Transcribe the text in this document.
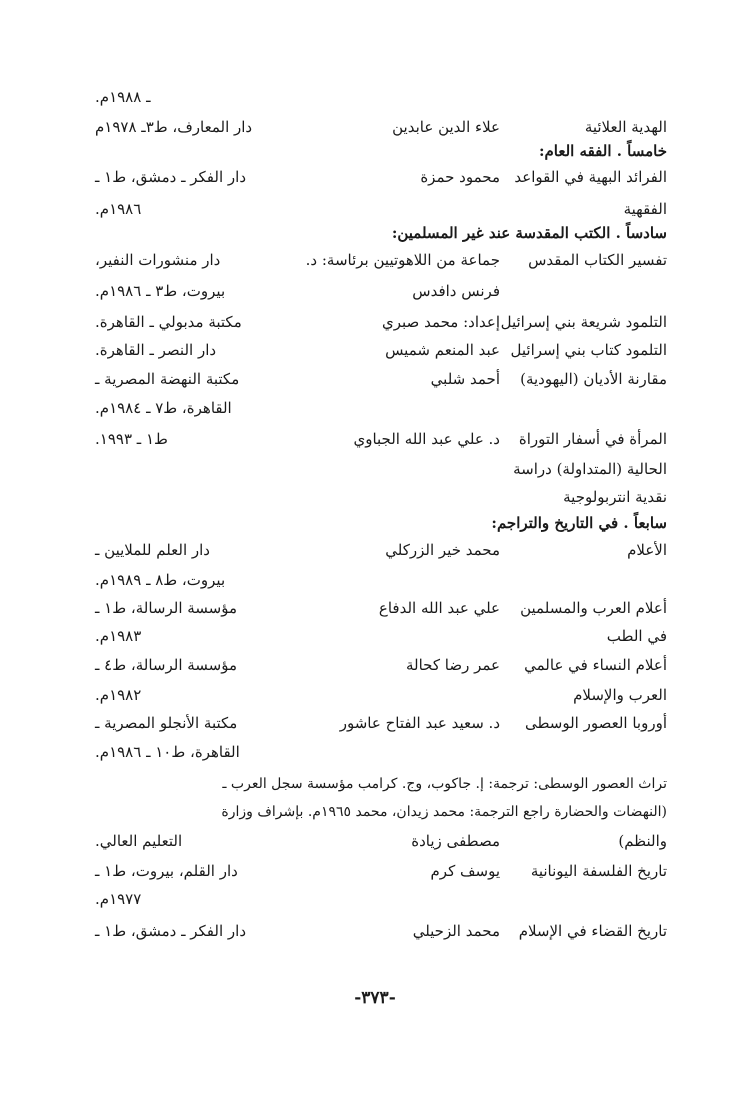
ـ ١٩٨٨م.
الهدية العلائية
علاء الدين عابدين
دار المعارف، ط٣ـ ١٩٧٨م
خامساً . الفقه العام:
الفرائد البهية في القواعد
محمود حمزة
دار الفكر ـ دمشق، ط١ ـ
الفقهية
١٩٨٦م.
سادساً . الكتب المقدسة عند غير المسلمين:
تفسير الكتاب المقدس
جماعة من اللاهوتيين برئاسة: د.
دار منشورات النفير،
فرنس دافدس
بيروت، ط٣ ـ ١٩٨٦م.
التلمود شريعة بني إسرائيل
إعداد: محمد صبري
مكتبة مدبولي ـ القاهرة.
التلمود كتاب بني إسرائيل
عبد المنعم شميس
دار النصر ـ القاهرة.
مقارنة الأديان (اليهودية)
أحمد شلبي
مكتبة النهضة المصرية ـ
القاهرة، ط٧ ـ ١٩٨٤م.
المرأة في أسفار التوراة
د. علي عبد الله الجباوي
ط١ ـ ١٩٩٣.
الحالية (المتداولة) دراسة
نقدية انتربولوجية
سابعاً . في التاريخ والتراجم:
الأعلام
محمد خير الزركلي
دار العلم للملايين ـ
بيروت، ط٨ ـ ١٩٨٩م.
أعلام العرب والمسلمين
علي عبد الله الدفاع
مؤسسة الرسالة، ط١ ـ
في الطب
١٩٨٣م.
أعلام النساء في عالمي
عمر رضا كحالة
مؤسسة الرسالة، ط٤ ـ
العرب والإسلام
١٩٨٢م.
أوروبا العصور الوسطى
د. سعيد عبد الفتاح عاشور
مكتبة الأنجلو المصرية ـ
القاهرة، ط١٠ ـ ١٩٨٦م.
تراث العصور الوسطى: ترجمة: إ. جاكوب، وج. كرامب مؤسسة سجل العرب ـ
(النهضات والحضارة راجع الترجمة: محمد زيدان، محمد ١٩٦٥م. بإشراف وزارة
والنظم)
مصطفى زيادة
التعليم العالي.
تاريخ الفلسفة اليونانية
يوسف كرم
دار القلم، بيروت، ط١ ـ
١٩٧٧م.
تاريخ القضاء في الإسلام
محمد الزحيلي
دار الفكر ـ دمشق، ط١ ـ
-٣٧٣-
